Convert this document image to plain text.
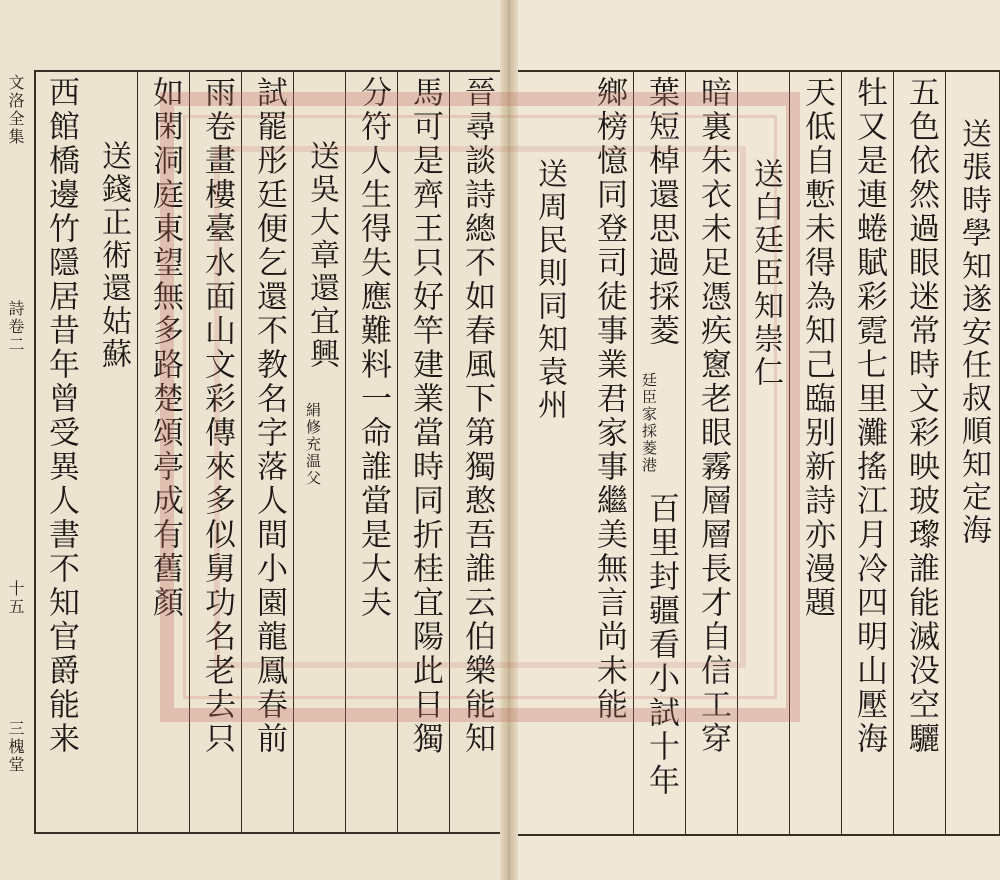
文洛全集
詩卷二
十五
三槐堂	晉尋談詩總不如春風下第獨憨吾誰云伯樂能知
馬可是齊王只好竿建業當時同折桂宜陽此日獨
分符人生得失應難料一命誰當是大夫
送吳大章還宜興
絹修充温父
試罷彤廷便乞還不教名字落人間小園龍鳳春前
雨卷畫樓臺水面山文彩傳來多似舅功名老去只
如閑洞庭東望無多路楚頌亭成有舊顏
送錢正術還姑蘇
西館橋邊竹隱居昔年曾受異人書不知官爵能来	送張時學知遂安任叔順知定海
五色依然過眼迷常時文彩映玻瓈誰能滅没空驪
牡又是連蜷賦彩霓七里灘搖江月冷四明山壓海
天低自慙未得為知己臨别新詩亦漫題
送白廷臣知崇仁
暗裏朱衣未足憑疾窻老眼霧層層長才自信工穿
葉短棹還思過採菱
廷臣家採菱港
百里封疆看小試十年
鄉榜憶同登司徒事業君家事繼美無言尚未能
送周民則同知袁州
